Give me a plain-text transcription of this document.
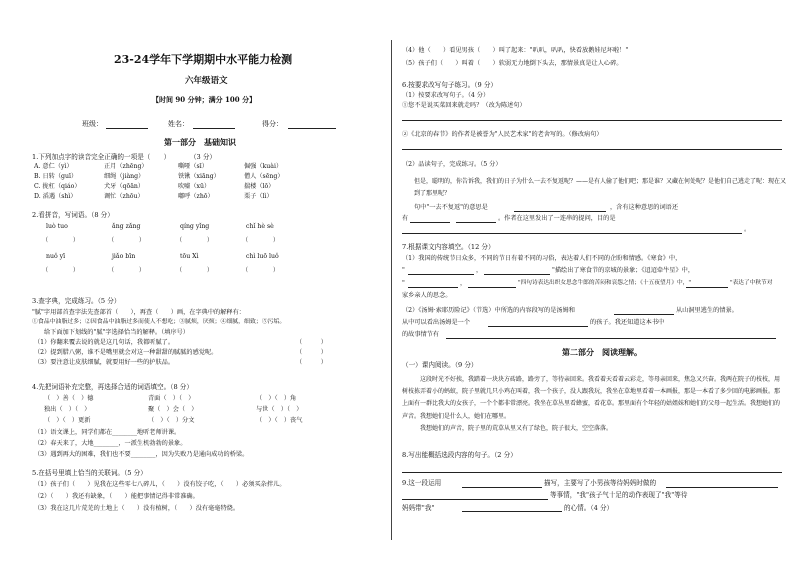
23-24学年下学期期中水平能力检测
六年级语文
【时间 90 分钟；满分 100 分】
班级：	姓名：	得分：
第一部分　基础知识
1.下列加点字的读音完全正确的一项是（　　）　　　　（3 分）
A. 意仁（yì）	正月（zhēng）	嘶哑（sī）	倔强（kuài）
B. 日转（guī）	细绳（jiàng）	铁锹（xiāng）	僧人（sēng）
C. 拢杠（qiáo）	犬牙（qōān）	吹嘘（xū）	揣楼（lō）
D. 滔遇（shì）	调忙（zhōu）	嘟呼（zhō）	栗子（lì）
2.看拼音，写词语。（8 分）
luò tuo	ǎng zǎng	qíng yǐng	chǐ hè sè
（　　　　）	（　　　　）	（　　　　）	（　　　　）
nuǒ yī	jiǎo bīn	tōu Xì	chì luō luǒ
（　　　　）	（　　　　）	（　　　　）	（　　　　）
3.查字典，完成练习。（5 分）
"腻"字用部首查字法先查部首（　　），再查（　　）画，在字典中的解释有：
①食品中油脂过多；②因食品中油脂过多而使人不想吃；③腻烦，厌烦；④细腻，细致；⑤污垢。
给下面加下划线的"腻"字选择恰当的解释。（填序号）
（1）你翻来覆去说的就是这几句话，我都听腻了。	（　　　）
（2）提到腊八粥，谁不是嘴里就会对这一种甜甜的腻腻的感觉呢。	（　　　）
（3）要注意让皮肤细腻，就要用好一些的护肤品。	（　　　）
4.先把词语补充完整，再选择合适的词语填空。（8 分）
（　）善（　）德	青面（　）（　）	（　）（　）角
独出（　）（　）	聚（　）会（　）	与世（　）（　）
（　）（　）更新	（　）（　）分文	（　）（　）丧气
（1）语文课上，同学们都在________地听老师讲课。
（2）春天来了，大地________，一派生机勃勃的景象。
（3）遇到再大的困难，我们也不要________，因为失败乃是通向成功的桥梁。
5.在括号里填上恰当的关联词。（5 分）
（1）孩子们（　　）见我在这些零七八碎儿，（　　）没有饺子吃，（　　）必须买杂拌儿。
（2）（　　）我还有缺象，（　　）能把事情记得非常准确。
（3）我在这几片荒芜的土地上（　　）没有植树，（　　）没有毫毫特烧。
（4）他（　　）看见男孩（　　）叫了起来："叭叭，叭叭，快看放鹅娃尼坏啦！"
（5）孩子们（　　）叫着（　　）软弱无力地倒下头去，那情景真是让人心碎。
6.按要求改写句子练习。（9 分）
（1）按要求改写句子。（4 分）
①您不是说买菜回来就走吗？（改为陈述句）
②《北京的春节》的作者是被誉为"人民艺术家"的老舍写的。（修改病句）
（2）品读句子，完成练习。（5 分）
但是，聪明的，你告诉我，我们的日子为什么一去不复返呢？——是有人偷了他们吧；那是谁？又藏在何处呢？是他们自己逃走了呢：现在又到了那里呢？
句中"一去不复返"的意思是	，含有这种意思的词语还
有	。作者在这里发出了一连串的提问，目的是
。
7.根据课文内容填空。（12 分）
（1）我国的传统节日众多，不同的节日有着不同的习俗，表达着人们不同的企盼和情感。《寒食》中，
"	，	"描绘出了寒食节的京城的景象；《迢迢牵牛星》中，
"	，	"四句诗表达出织女思念牛郎的苦闷和哀怨之情；《十五夜望月》中，"	"表达了中秋节对
家乡亲人的思念。
（2）《汤姆·索耶历险记》（节选）中所选的内容段写的是汤姆和	从山洞里逃生的情景。
从中可以看出汤姆是一个	的孩子。我还知道这本书中
的故事情节有
第二部分　阅读理解。
（一）课内阅读。（9 分）
这段时光不好挨，我踏着一块块方砖路，路旁了，等待亲回来。我看着天看着云彩走，等母亲回来，焦急又兴奋。我两在院子的枝枝，用树枝拣弄着小的蚂蚁，院子里就几只小鸡在叫着，我一个孩子，没人跟我玩，我坐在草地里看着一本画报，那是一本看了多少回的电影画报。那上面有一群比我大的女孩子，一个个都非常漂亮。我坐在草丛里看蜂蜜，看花草。那里面有个年轻的姑姐妹和她们的父母一起生活。我想她们的声音。我想她们是什么人，她们在哪里。
我想她们的声音，院子里的荒草从里又有了绿色，院子很大，空空落落。
8.写出能概括选段内容的句子。（2 分）
9.这一段运用	描写，主要写了小男孩等待妈妈时做的
等事情，"我"孩子气十足的动作表现了"我"等待
妈妈带"我"	的心情。（4 分）
